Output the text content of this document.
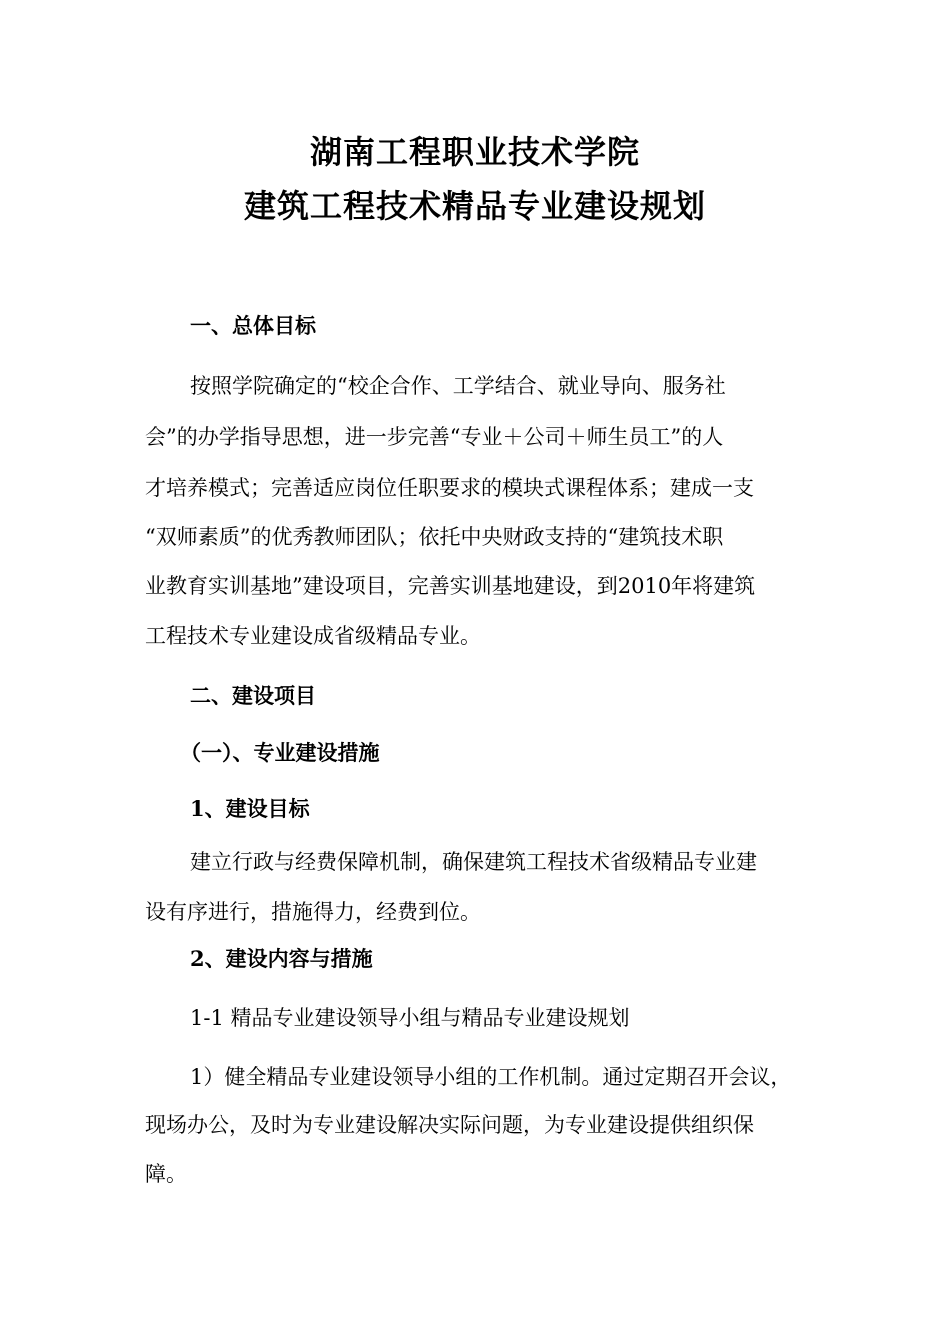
湖南工程职业技术学院
建筑工程技术精品专业建设规划
一、总体目标
按照学院确定的“校企合作、工学结合、就业导向、服务社
会”的办学指导思想，进一步完善“专业＋公司＋师生员工”的人
才培养模式；完善适应岗位任职要求的模块式课程体系；建成一支
“双师素质”的优秀教师团队；依托中央财政支持的“建筑技术职
业教育实训基地”建设项目，完善实训基地建设，到2010年将建筑
工程技术专业建设成省级精品专业。
二、建设项目
（一）、专业建设措施
1、建设目标
建立行政与经费保障机制，确保建筑工程技术省级精品专业建
设有序进行，措施得力，经费到位。
2、建设内容与措施
1-1 精品专业建设领导小组与精品专业建设规划
1）健全精品专业建设领导小组的工作机制。通过定期召开会议，
现场办公，及时为专业建设解决实际问题，为专业建设提供组织保
障。
